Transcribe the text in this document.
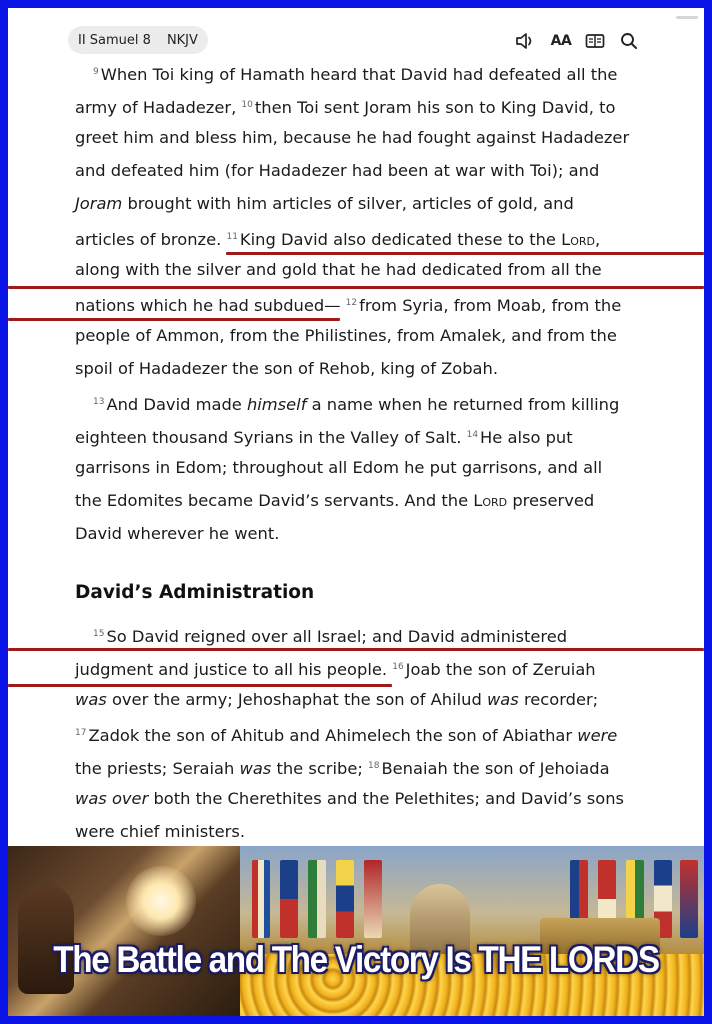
II Samuel 8 NKJV	AA
$^9$ When Toi king of Hamath heard that David had defeated all the
army of Hadadezer, $^{10}$ then Toi sent Joram his son to King David, to
greet him and bless him, because he had fought against Hadadezer
and defeated him (for Hadadezer had been at war with Toi); and
Joram brought with him articles of silver, articles of gold, and
articles of bronze. $^{11}$ King David also dedicated these to the Lord,
along with the silver and gold that he had dedicated from all the
nations which he had subdued— $^{12}$ from Syria, from Moab, from the
people of Ammon, from the Philistines, from Amalek, and from the
spoil of Hadadezer the son of Rehob, king of Zobah.
$^{13}$ And David made himself a name when he returned from killing
eighteen thousand Syrians in the Valley of Salt. $^{14}$ He also put
garrisons in Edom; throughout all Edom he put garrisons, and all
the Edomites became David’s servants. And the Lord preserved
David wherever he went.
$^{15}$ So David reigned over all Israel; and David administered
judgment and justice to all his people. $^{16}$ Joab the son of Zeruiah
was over the army; Jehoshaphat the son of Ahilud was recorder;
$^{17}$ Zadok the son of Ahitub and Ahimelech the son of Abiathar were
the priests; Seraiah was the scribe; $^{18}$ Benaiah the son of Jehoiada
was over both the Cherethites and the Pelethites; and David’s sons
were chief ministers.
David’s Administration
The Battle and The Victory Is THE LORDS
